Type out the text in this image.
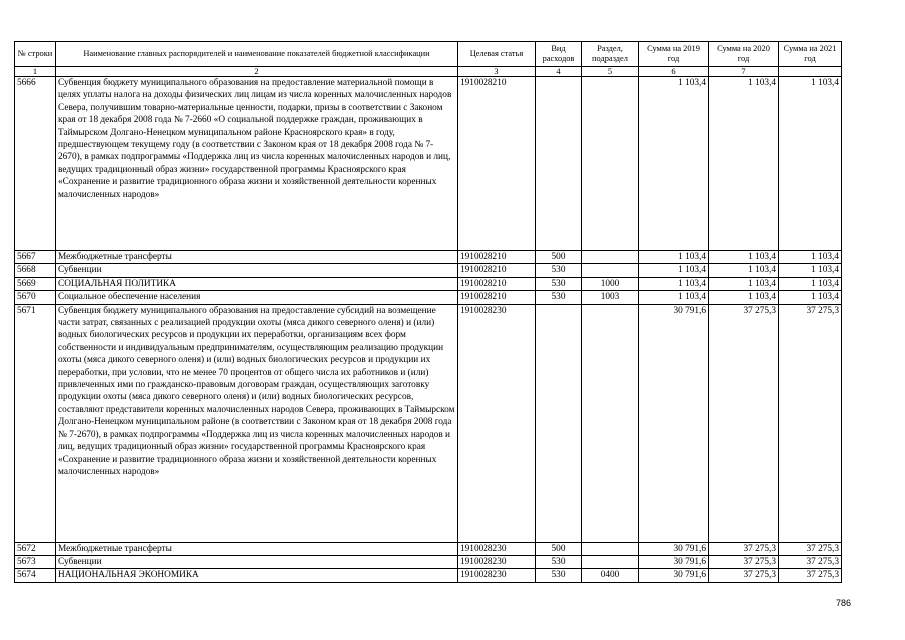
№ строки	Наименование главных распорядителей и наименование показателей бюджетной классификации	Целевая статья	Вид расходов	Раздел, подраздел	Сумма на 2019 год	Сумма на 2020 год	Сумма на 2021 год
1	2	3	4	5	6	7	
5666	Субвенция бюджету муниципального образования на предоставление материальной помощи в целях уплаты налога на доходы физических лиц лицам из числа коренных малочисленных народов Севера, получившим товарно-материальные ценности, подарки, призы в соответствии с Законом края от 18 декабря 2008 года № 7-2660 «О социальной поддержке граждан, проживающих в Таймырском Долгано-Ненецком муниципальном районе Красноярского края» в году, предшествующем текущему году (в соответствии с Законом края от 18 декабря 2008 года № 7-2670), в рамках подпрограммы «Поддержка лиц из числа коренных малочисленных народов и лиц, ведущих традиционный образ жизни» государственной программы Красноярского края «Сохранение и развитие традиционного образа жизни и хозяйственной деятельности коренных малочисленных народов»	1910028210			1 103,4	1 103,4	1 103,4
5667	Межбюджетные трансферты	1910028210	500		1 103,4	1 103,4	1 103,4
5668	Субвенции	1910028210	530		1 103,4	1 103,4	1 103,4
5669	СОЦИАЛЬНАЯ ПОЛИТИКА	1910028210	530	1000	1 103,4	1 103,4	1 103,4
5670	Социальное обеспечение населения	1910028210	530	1003	1 103,4	1 103,4	1 103,4
5671	Субвенция бюджету муниципального образования на предоставление субсидий на возмещение части затрат, связанных с реализацией продукции охоты (мяса дикого северного оленя) и (или) водных биологических ресурсов и продукции их переработки, организациям всех форм собственности и индивидуальным предпринимателям, осуществляющим реализацию продукции охоты (мяса дикого северного оленя) и (или) водных биологических ресурсов и продукции их переработки, при условии, что не менее 70 процентов от общего числа их работников и (или) привлеченных ими по гражданско-правовым договорам граждан, осуществляющих заготовку продукции охоты (мяса дикого северного оленя) и (или) водных биологических ресурсов, составляют представители коренных малочисленных народов Севера, проживающих в Таймырском Долгано-Ненецком муниципальном районе (в соответствии с Законом края от 18 декабря 2008 года № 7-2670), в рамках подпрограммы «Поддержка лиц из числа коренных малочисленных народов и лиц, ведущих традиционный образ жизни» государственной программы Красноярского края «Сохранение и развитие традиционного образа жизни и хозяйственной деятельности коренных малочисленных народов»	1910028230			30 791,6	37 275,3	37 275,3
5672	Межбюджетные трансферты	1910028230	500		30 791,6	37 275,3	37 275,3
5673	Субвенции	1910028230	530		30 791,6	37 275,3	37 275,3
5674	НАЦИОНАЛЬНАЯ ЭКОНОМИКА	1910028230	530	0400	30 791,6	37 275,3	37 275,3
786
